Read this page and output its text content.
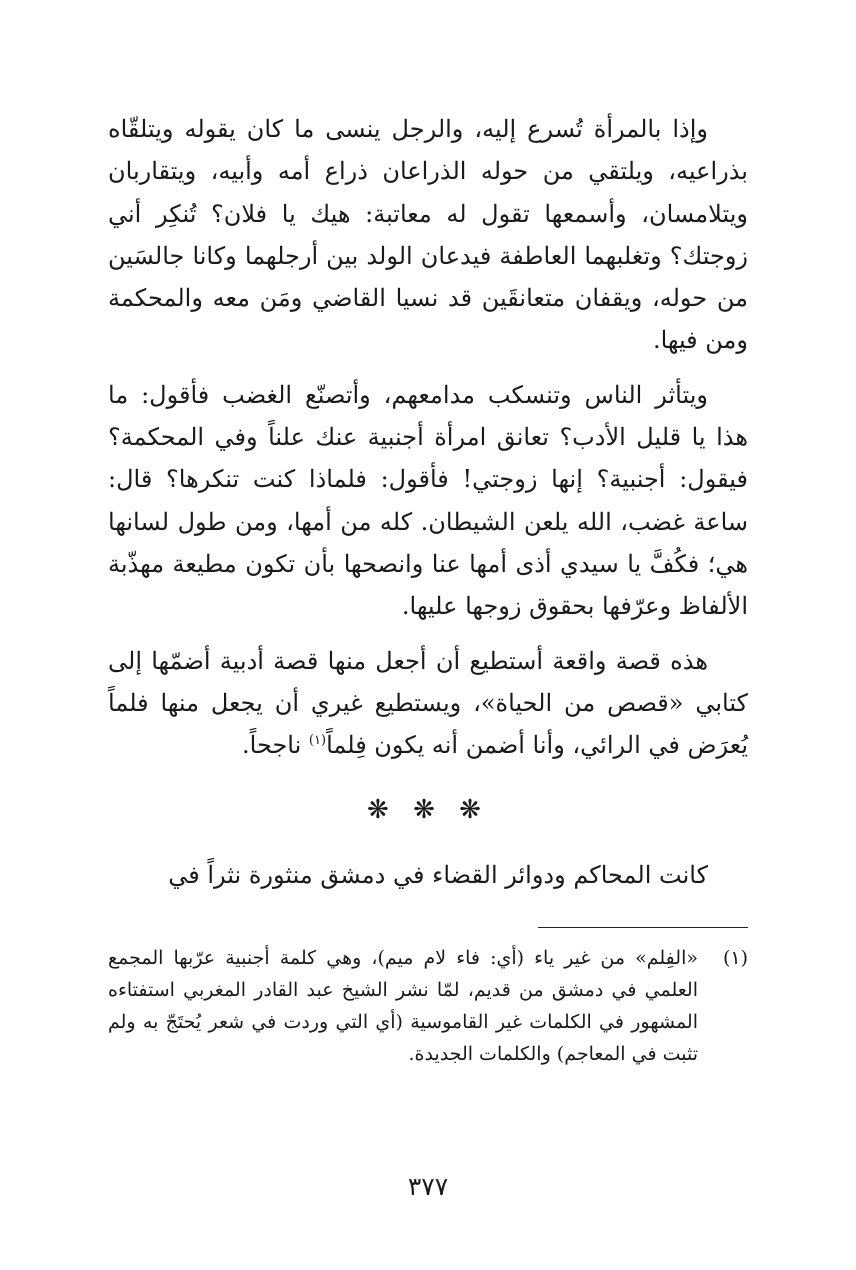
وإذا بالمرأة تُسرع إليه، والرجل ينسى ما كان يقوله ويتلقّاه بذراعيه، ويلتقي من حوله الذراعان ذراع أمه وأبيه، ويتقاربان ويتلامسان، وأسمعها تقول له معاتبة: هيك يا فلان؟ تُنكِر أني زوجتك؟ وتغلبهما العاطفة فيدعان الولد بين أرجلهما وكانا جالسَين من حوله، ويقفان متعانقَين قد نسيا القاضي ومَن معه والمحكمة ومن فيها.

ويتأثر الناس وتنسكب مدامعهم، وأتصنّع الغضب فأقول: ما هذا يا قليل الأدب؟ تعانق امرأة أجنبية عنك علناً وفي المحكمة؟ فيقول: أجنبية؟ إنها زوجتي! فأقول: فلماذا كنت تنكرها؟ قال: ساعة غضب، الله يلعن الشيطان. كله من أمها، ومن طول لسانها هي؛ فكُفَّ يا سيدي أذى أمها عنا وانصحها بأن تكون مطيعة مهذّبة الألفاظ وعرّفها بحقوق زوجها عليها.

هذه قصة واقعة أستطيع أن أجعل منها قصة أدبية أضمّها إلى كتابي «قصص من الحياة»، ويستطيع غيري أن يجعل منها فلماً يُعرَض في الرائي، وأنا أضمن أنه يكون فِلماً$^{(١)}$ ناجحاً.

❋ ❋ ❋

كانت المحاكم ودوائر القضاء في دمشق منثورة نثراً في

(١)
«الفِلم» من غير ياء (أي: فاء لام ميم)، وهي كلمة أجنبية عرّبها المجمع العلمي في دمشق من قديم، لمّا نشر الشيخ عبد القادر المغربي استفتاءه المشهور في الكلمات غير القاموسية (أي التي وردت في شعر يُحتَجّ به ولم تثبت في المعاجم) والكلمات الجديدة.

٣٧٧
